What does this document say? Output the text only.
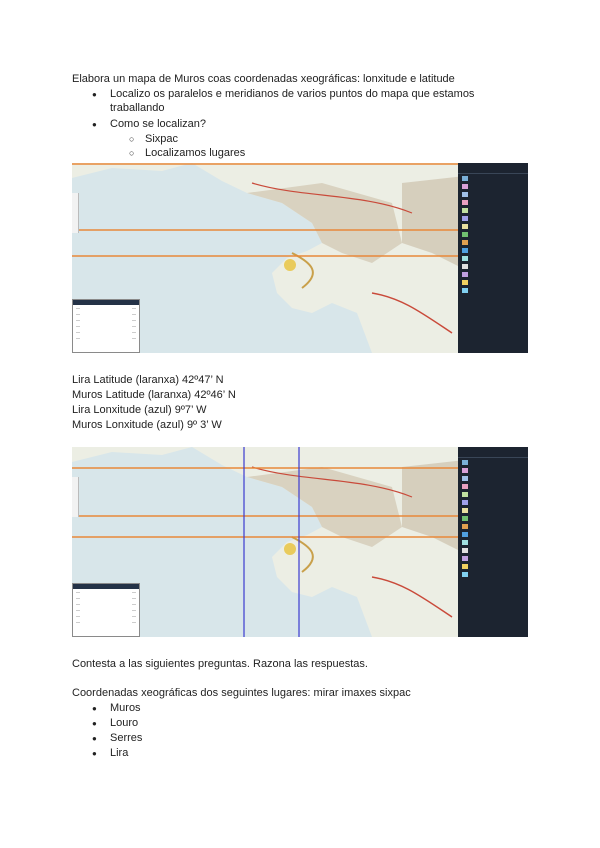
Elabora un mapa de Muros coas coordenadas xeográficas: lonxitude e latitude
● Localizo os paralelos e meridianos de varios puntos do mapa que estamos
traballando
● Como se localizan?
○ Sixpac
○ Localizamos lugares

—	—
—	—
—	—
—	—
—	—
—	—
Lira Latitude (laranxa) 42º47’ N
Muros Latitude (laranxa) 42º46’ N
Lira Lonxitude (azul) 9º7’ W
Muros Lonxitude (azul) 9º 3’ W

—	—
—	—
—	—
—	—
—	—
—	—
Contesta a las siguientes preguntas. Razona las respuestas.
Coordenadas xeográficas dos seguintes lugares: mirar imaxes sixpac
● Muros
● Louro
● Serres
● Lira
